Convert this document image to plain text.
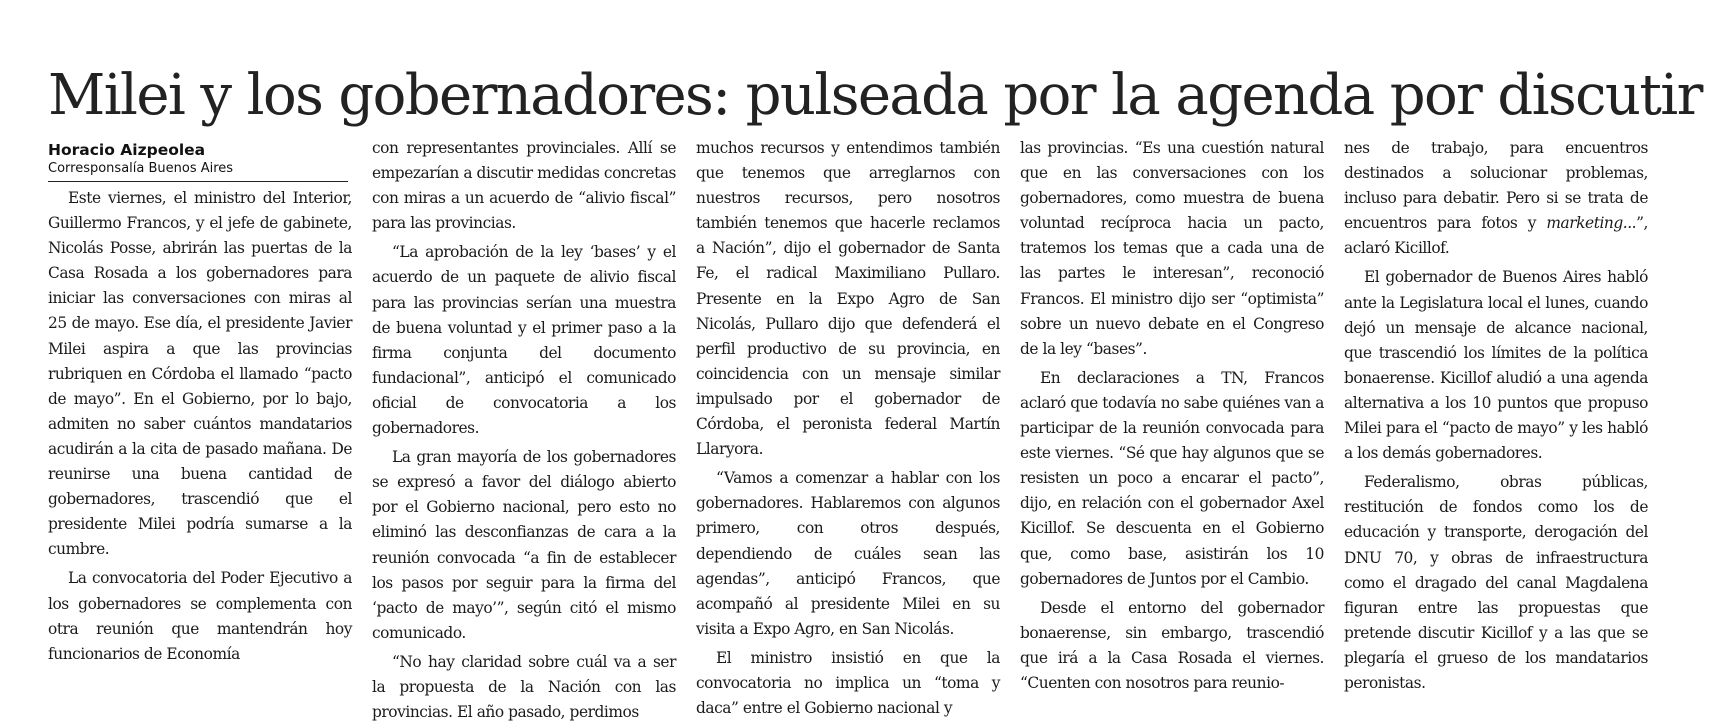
Milei y los gobernadores: pulseada por la agenda por discutir
Horacio Aizpeolea
Corresponsalía Buenos Aires

Este viernes, el ministro del Interior, Guillermo Francos, y el jefe de gabinete, Nicolás Posse, abrirán las puertas de la Casa Rosada a los gobernadores para iniciar las conversaciones con miras al 25 de mayo. Ese día, el presidente Javier Milei aspira a que las provincias rubriquen en Córdoba el llamado “pacto de mayo”. En el Gobierno, por lo bajo, admiten no saber cuántos mandatarios acudirán a la cita de pasado mañana. De reunirse una buena cantidad de gobernadores, trascendió que el presidente Milei podría sumarse a la cumbre.

La convocatoria del Poder Ejecutivo a los gobernadores se complementa con otra reunión que mantendrán hoy funcionarios de Economía

con representantes provinciales. Allí se empezarían a discutir medidas concretas con miras a un acuerdo de “alivio fiscal” para las provincias.

“La aprobación de la ley ‘bases’ y el acuerdo de un paquete de alivio fiscal para las provincias serían una muestra de buena voluntad y el primer paso a la firma conjunta del documento fundacional”, anticipó el comunicado oficial de convocatoria a los gobernadores.

La gran mayoría de los gobernadores se expresó a favor del diálogo abierto por el Gobierno nacional, pero esto no eliminó las desconfianzas de cara a la reunión convocada “a fin de establecer los pasos por seguir para la firma del ‘pacto de mayo’”, según citó el mismo comunicado.

“No hay claridad sobre cuál va a ser la propuesta de la Nación con las provincias. El año pasado, perdimos

muchos recursos y entendimos también que tenemos que arreglarnos con nuestros recursos, pero nosotros también tenemos que hacerle reclamos a Nación”, dijo el gobernador de Santa Fe, el radical Maximiliano Pullaro. Presente en la Expo Agro de San Nicolás, Pullaro dijo que defenderá el perfil productivo de su provincia, en coincidencia con un mensaje similar impulsado por el gobernador de Córdoba, el peronista federal Martín Llaryora.

“Vamos a comenzar a hablar con los gobernadores. Hablaremos con algunos primero, con otros después, dependiendo de cuáles sean las agendas”, anticipó Francos, que acompañó al presidente Milei en su visita a Expo Agro, en San Nicolás.

El ministro insistió en que la convocatoria no implica un “toma y daca” entre el Gobierno nacional y

las provincias. “Es una cuestión natural que en las conversaciones con los gobernadores, como muestra de buena voluntad recíproca hacia un pacto, tratemos los temas que a cada una de las partes le interesan”, reconoció Francos. El ministro dijo ser “optimista” sobre un nuevo debate en el Congreso de la ley “bases”.

En declaraciones a TN, Francos aclaró que todavía no sabe quiénes van a participar de la reunión convocada para este viernes. “Sé que hay algunos que se resisten un poco a encarar el pacto”, dijo, en relación con el gobernador Axel Kicillof. Se descuenta en el Gobierno que, como base, asistirán los 10 gobernadores de Juntos por el Cambio.

Desde el entorno del gobernador bonaerense, sin embargo, trascendió que irá a la Casa Rosada el viernes. “Cuenten con nosotros para reunio-

nes de trabajo, para encuentros destinados a solucionar problemas, incluso para debatir. Pero si se trata de encuentros para fotos y marketing...”, aclaró Kicillof.

El gobernador de Buenos Aires habló ante la Legislatura local el lunes, cuando dejó un mensaje de alcance nacional, que trascendió los límites de la política bonaerense. Kicillof aludió a una agenda alternativa a los 10 puntos que propuso Milei para el “pacto de mayo” y les habló a los demás gobernadores.

Federalismo, obras públicas, restitución de fondos como los de educación y transporte, derogación del DNU 70, y obras de infraestructura como el dragado del canal Magdalena figuran entre las propuestas que pretende discutir Kicillof y a las que se plegaría el grueso de los mandatarios peronistas.
